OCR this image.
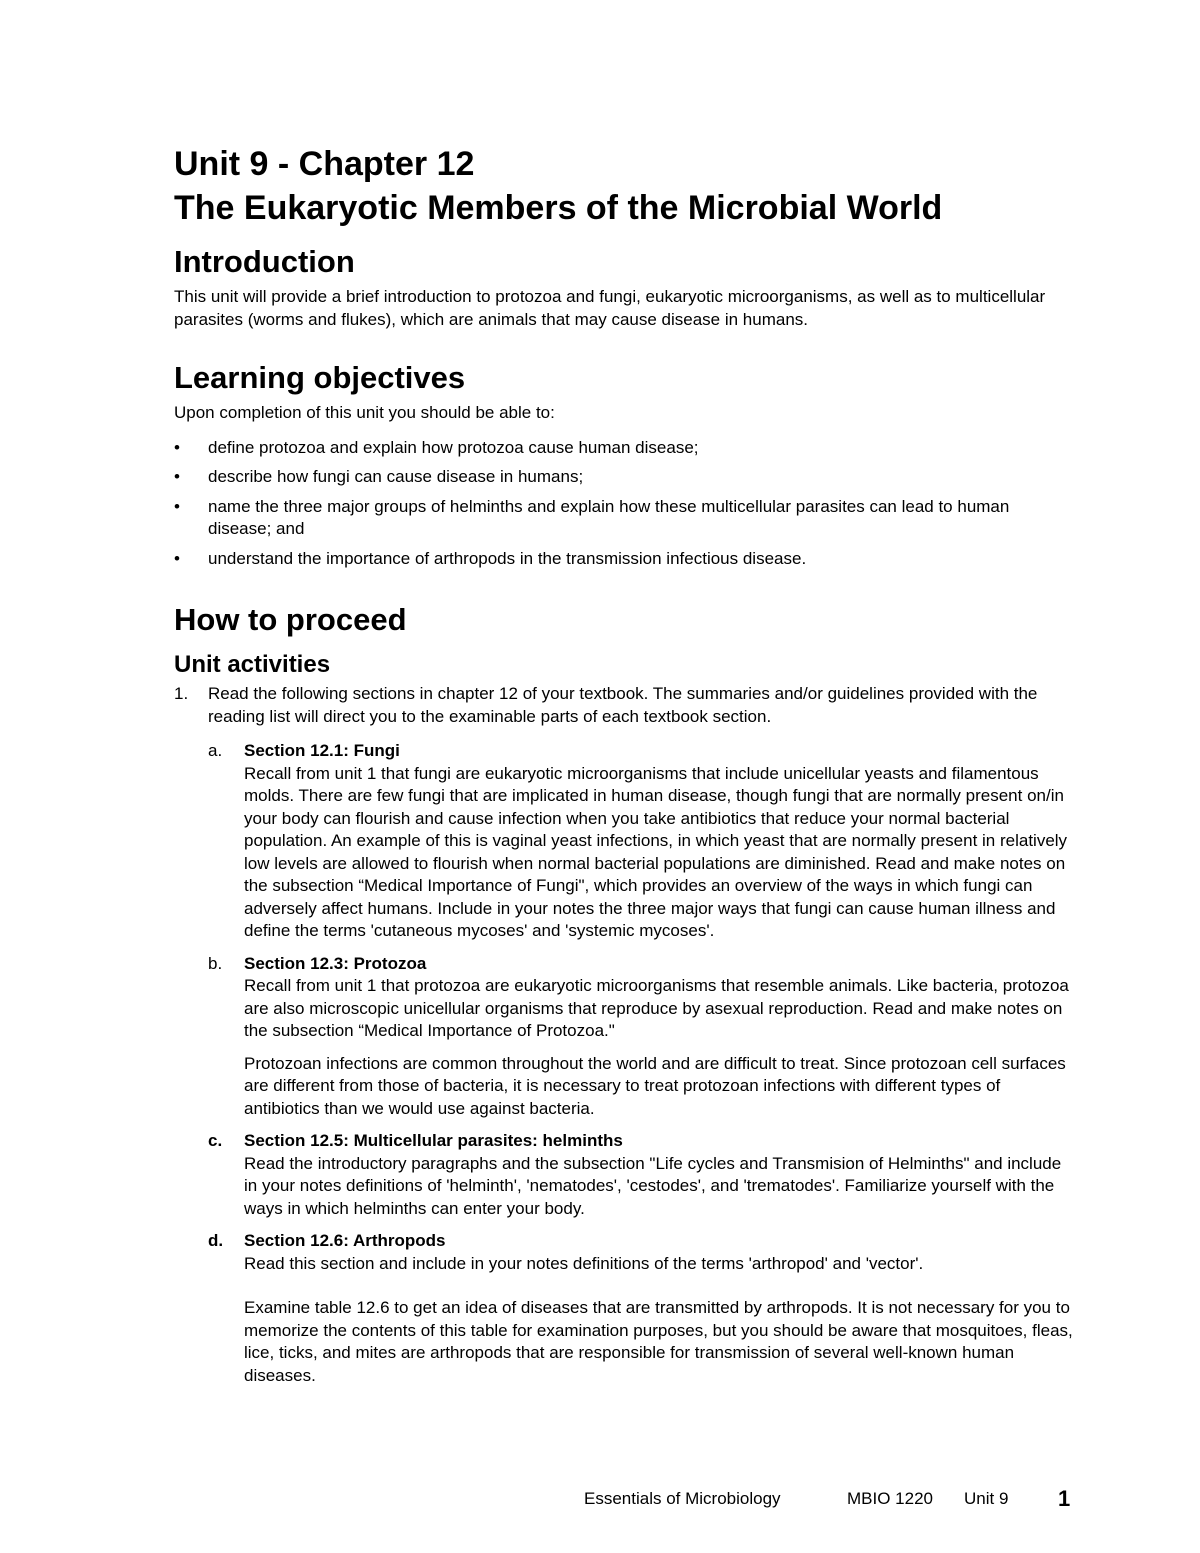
Unit 9 - Chapter 12
The Eukaryotic Members of the Microbial World
Introduction

This unit will provide a brief introduction to protozoa and fungi, eukaryotic microorganisms, as well as to multicellular parasites (worms and flukes), which are animals that may cause disease in humans.

Learning objectives

Upon completion of this unit you should be able to:

• define protozoa and explain how protozoa cause human disease;
• describe how fungi can cause disease in humans;
• name the three major groups of helminths and explain how these multicellular parasites can lead to human disease; and
• understand the importance of arthropods in the transmission infectious disease.
How to proceed
Unit activities
1. Read the following sections in chapter 12 of your textbook. The summaries and/or guidelines provided with the reading list will direct you to the examinable parts of each textbook section.
a. Section 12.1: Fungi

Recall from unit 1 that fungi are eukaryotic microorganisms that include unicellular yeasts and filamentous molds. There are few fungi that are implicated in human disease, though fungi that are normally present on/in your body can flourish and cause infection when you take antibiotics that reduce your normal bacterial population. An example of this is vaginal yeast infections, in which yeast that are normally present in relatively low levels are allowed to flourish when normal bacterial populations are diminished. Read and make notes on the subsection “Medical Importance of Fungi", which provides an overview of the ways in which fungi can adversely affect humans. Include in your notes the three major ways that fungi can cause human illness and define the terms 'cutaneous mycoses' and 'systemic mycoses'.

b. Section 12.3: Protozoa

Recall from unit 1 that protozoa are eukaryotic microorganisms that resemble animals. Like bacteria, protozoa are also microscopic unicellular organisms that reproduce by asexual reproduction. Read and make notes on the subsection “Medical Importance of Protozoa."

Protozoan infections are common throughout the world and are difficult to treat. Since protozoan cell surfaces are different from those of bacteria, it is necessary to treat protozoan infections with different types of antibiotics than we would use against bacteria.

c. Section 12.5: Multicellular parasites: helminths

Read the introductory paragraphs and the subsection "Life cycles and Transmision of Helminths" and include in your notes definitions of 'helminth', 'nematodes', 'cestodes', and 'trematodes'. Familiarize yourself with the ways in which helminths can enter your body.

d. Section 12.6: Arthropods

Read this section and include in your notes definitions of the terms 'arthropod' and 'vector'.

Examine table 12.6 to get an idea of diseases that are transmitted by arthropods. It is not necessary for you to memorize the contents of this table for examination purposes, but you should be aware that mosquitoes, fleas, lice, ticks, and mites are arthropods that are responsible for transmission of several well-known human diseases.

Essentials of Microbiology	MBIO 1220 Unit 9 1
